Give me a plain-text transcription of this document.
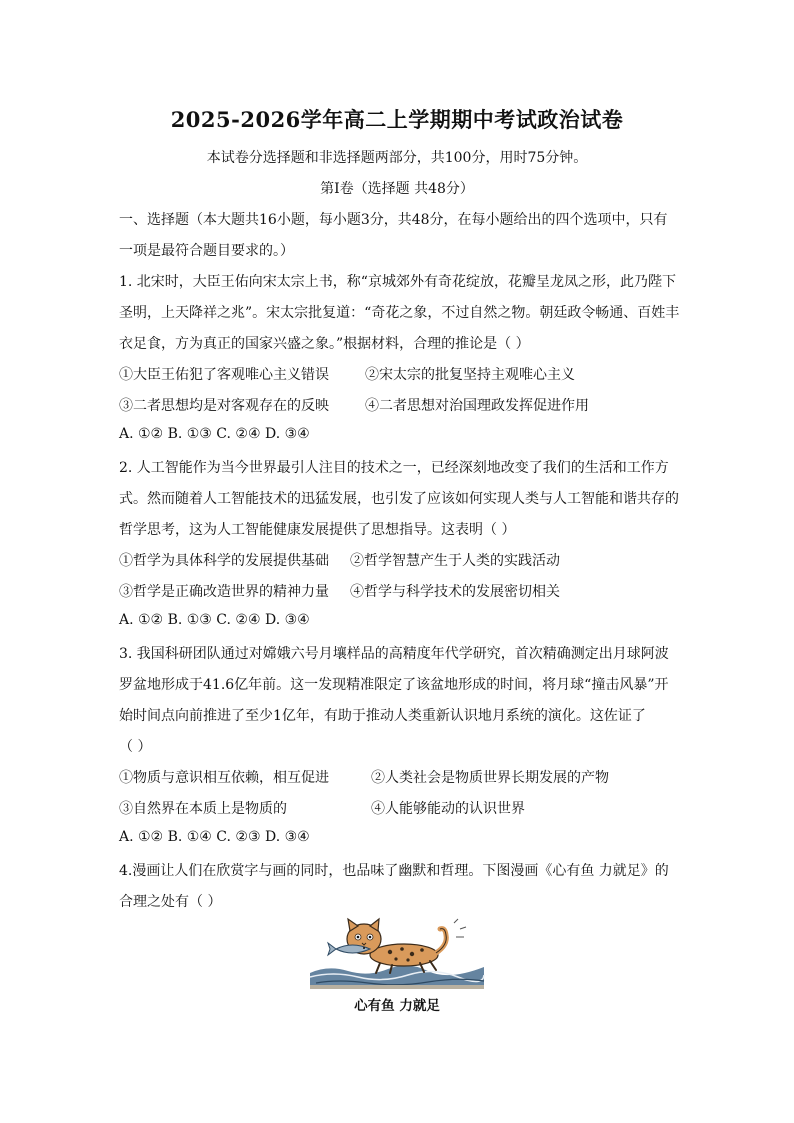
2025-2026学年高二上学期期中考试政治试卷
本试卷分选择题和非选择题两部分，共100分，用时75分钟。
第Ⅰ卷（选择题 共48分）
一、选择题（本大题共16小题，每小题3分，共48分，在每小题给出的四个选项中，只有
一项是最符合题目要求的。）
1. 北宋时，大臣王佑向宋太宗上书，称“京城郊外有奇花绽放，花瓣呈龙凤之形，此乃陛下
圣明，上天降祥之兆”。宋太宗批复道：“奇花之象，不过自然之物。朝廷政令畅通、百姓丰
衣足食，方为真正的国家兴盛之象。”根据材料，合理的推论是（ ）
①大臣王佑犯了客观唯心主义错误	②宋太宗的批复坚持主观唯心主义
③二者思想均是对客观存在的反映	④二者思想对治国理政发挥促进作用
A. ①② B. ①③ C. ②④ D. ③④
2. 人工智能作为当今世界最引人注目的技术之一，已经深刻地改变了我们的生活和工作方
式。然而随着人工智能技术的迅猛发展，也引发了应该如何实现人类与人工智能和谐共存的
哲学思考，这为人工智能健康发展提供了思想指导。这表明（ ）
①哲学为具体科学的发展提供基础 ②哲学智慧产生于人类的实践活动
③哲学是正确改造世界的精神力量 ④哲学与科学技术的发展密切相关
A. ①② B. ①③ C. ②④ D. ③④
3. 我国科研团队通过对嫦娥六号月壤样品的高精度年代学研究，首次精确测定出月球阿波
罗盆地形成于41.6亿年前。这一发现精准限定了该盆地形成的时间，将月球“撞击风暴”开
始时间点向前推进了至少1亿年，有助于推动人类重新认识地月系统的演化。这佐证了
（ ）
①物质与意识相互依赖，相互促进	②人类社会是物质世界长期发展的产物
③自然界在本质上是物质的	④人能够能动的认识世界
A. ①② B. ①④ C. ②③ D. ③④
4.漫画让人们在欣赏字与画的同时，也品味了幽默和哲理。下图漫画《心有鱼 力就足》的
合理之处有（ ）
心有鱼 力就足
